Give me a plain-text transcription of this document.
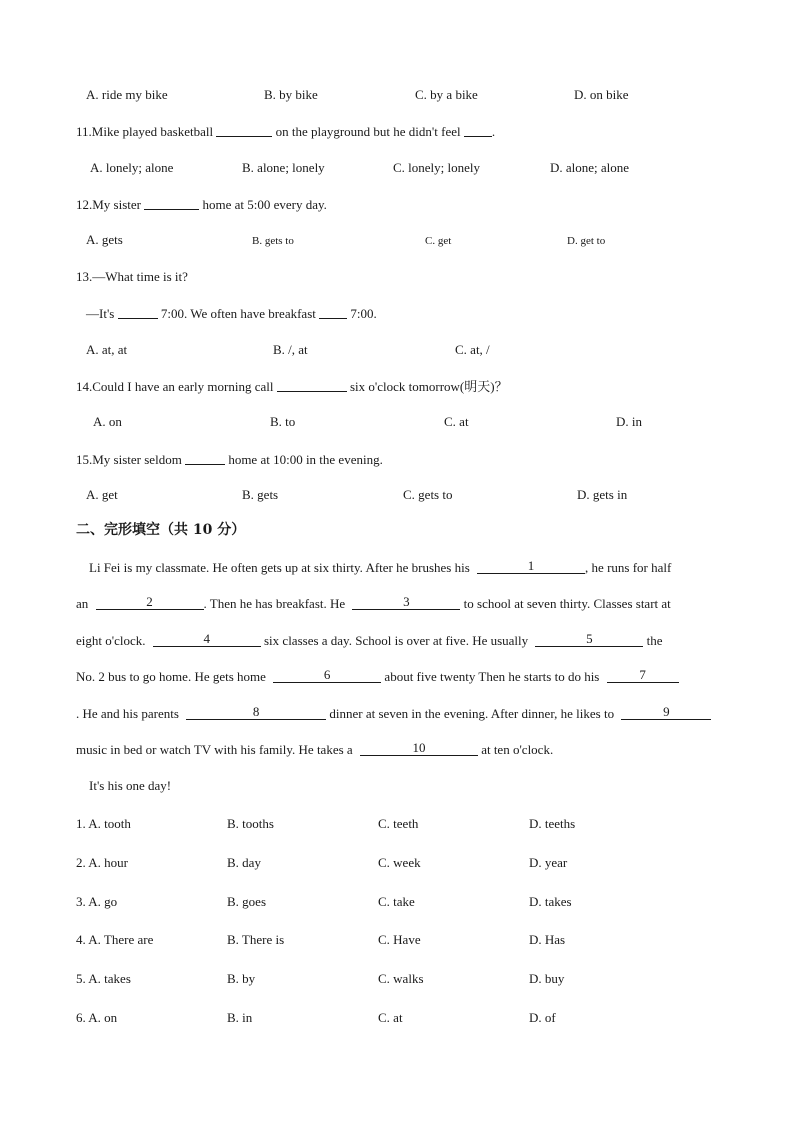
A. ride my bike	B. by bike	C. by a bike	D. on bike
11.Mike played basketball	on the playground but he didn't feel .
A. lonely; alone	B. alone; lonely	C. lonely; lonely	D. alone; alone
12.My sister	home at 5:00 every day.
A. gets	B. gets to	C. get	D. get to
13.—What time is it?
—It's	7:00. We often have breakfast	7:00.
A. at, at	B. /, at	C. at, /
14.Could I have an early morning call	six o'clock tomorrow(明天)？
A. on	B. to	C. at	D. in
15.My sister seldom	home at 10:00 in the evening.
A. get	B. gets	C. gets to	D. gets in
二、完形填空（共 10 分）
Li Fei is my classmate. He often gets up at six thirty. After he brushes his	1	, he runs for half
an	2	. Then he has breakfast. He	3	to school at seven thirty. Classes start at
eight o'clock.	4	six classes a day. School is over at five. He usually	5	the
No. 2 bus to go home. He gets home	6	about five twenty Then he starts to do his	7
. He and his parents	8	dinner at seven in the evening. After dinner, he likes to	9
music in bed or watch TV with his family. He takes a	10	at ten o'clock.
It's his one day!
1. A. tooth	B. tooths	C. teeth	D. teeths
2. A. hour	B. day	C. week	D. year
3. A. go	B. goes	C. take	D. takes
4. A. There are	B. There is	C. Have	D. Has
5. A. takes	B. by	C. walks	D. buy
6. A. on	B. in	C. at	D. of
